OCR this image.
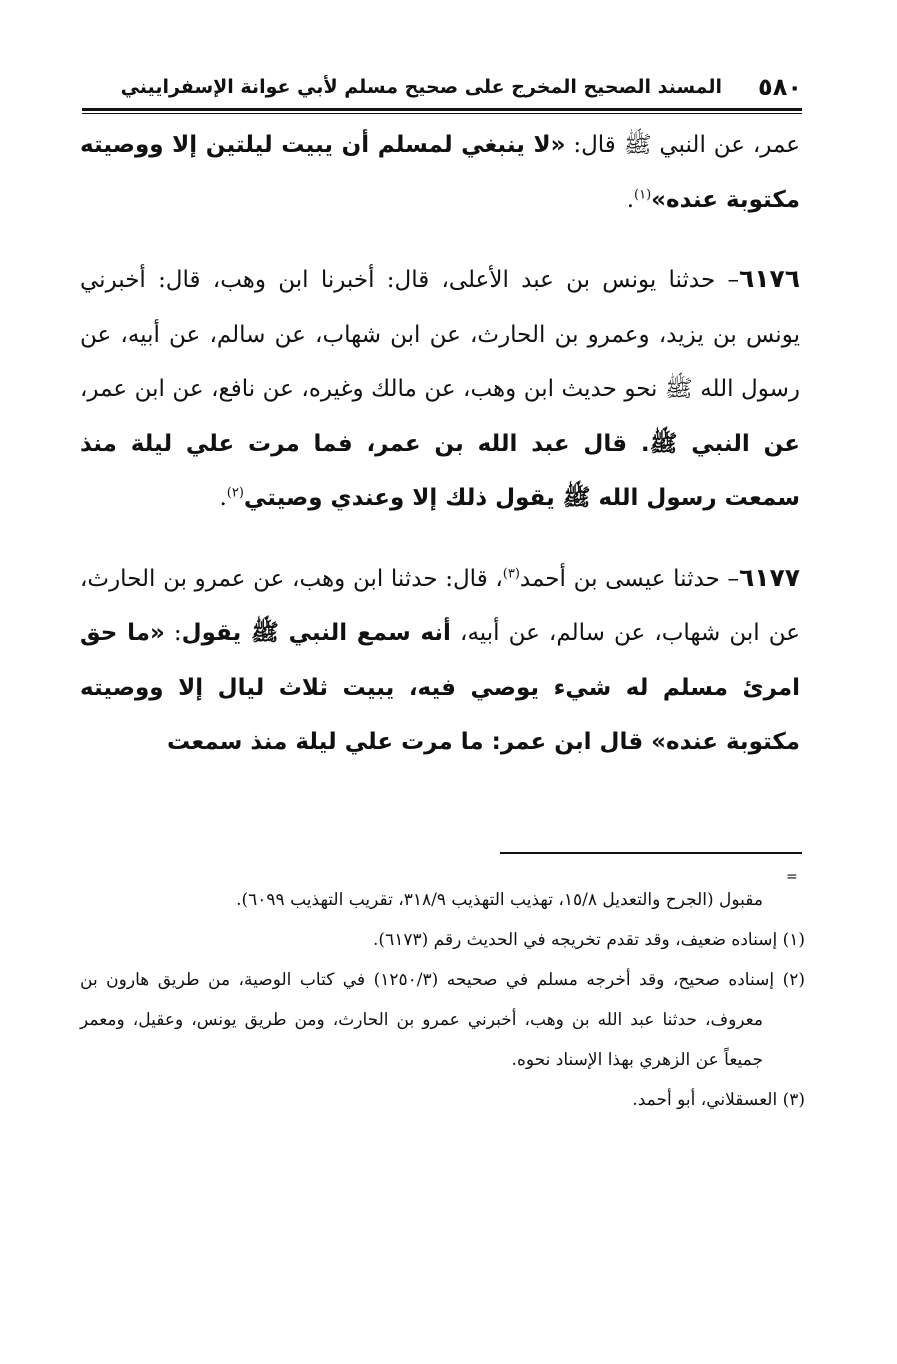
٥٨٠
المسند الصحيح المخرج على صحيح مسلم لأبي عوانة الإسفراييني

عمر، عن النبي ﷺ قال: «لا ينبغي لمسلم أن يبيت ليلتين إلا ووصيته مكتوبة عنده»$^{(١)}$.

٦١٧٦– حدثنا يونس بن عبد الأعلى، قال: أخبرنا ابن وهب، قال: أخبرني يونس بن يزيد، وعمرو بن الحارث، عن ابن شهاب، عن سالم، عن أبيه، عن رسول الله ﷺ نحو حديث ابن وهب، عن مالك وغيره، عن نافع، عن ابن عمر، عن النبي ﷺ. قال عبد الله بن عمر، فما مرت علي ليلة منذ سمعت رسول الله ﷺ يقول ذلك إلا وعندي وصيتي$^{(٢)}$.

٦١٧٧– حدثنا عيسى بن أحمد$^{(٣)}$، قال: حدثنا ابن وهب، عن عمرو بن الحارث، عن ابن شهاب، عن سالم، عن أبيه، أنه سمع النبي ﷺ يقول: «ما حق امرئ مسلم له شيء يوصي فيه، يبيت ثلاث ليال إلا ووصيته مكتوبة عنده» قال ابن عمر: ما مرت علي ليلة منذ سمعت

=

مقبول (الجرح والتعديل ١٥/٨، تهذيب التهذيب ٣١٨/٩، تقريب التهذيب ٦٠٩٩).

(١) إسناده ضعيف، وقد تقدم تخريجه في الحديث رقم (٦١٧٣).

(٢) إسناده صحيح، وقد أخرجه مسلم في صحيحه (١٢٥٠/٣) في كتاب الوصية، من طريق هارون بن معروف، حدثنا عبد الله بن وهب، أخبرني عمرو بن الحارث، ومن طريق يونس، وعقيل، ومعمر جميعاً عن الزهري بهذا الإسناد نحوه.

(٣) العسقلاني، أبو أحمد.
